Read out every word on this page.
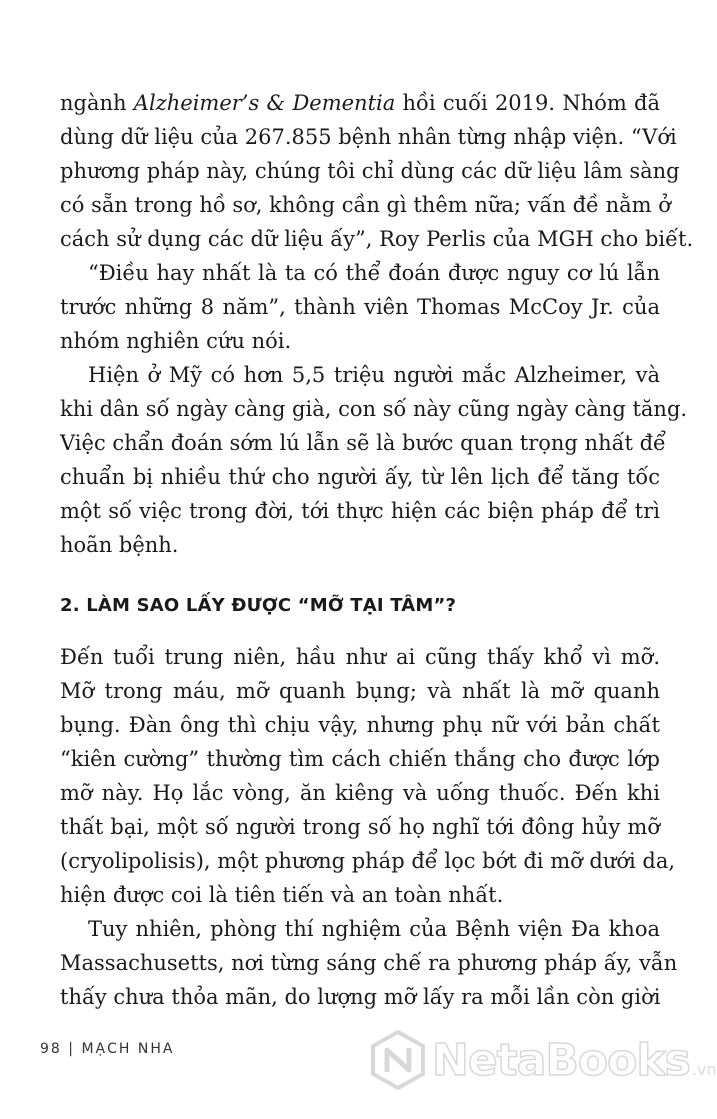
ngành Alzheimer’s & Dementia hồi cuối 2019. Nhóm đã
dùng dữ liệu của 267.855 bệnh nhân từng nhập viện. “Với
phương pháp này, chúng tôi chỉ dùng các dữ liệu lâm sàng
có sẵn trong hồ sơ, không cần gì thêm nữa; vấn đề nằm ở
cách sử dụng các dữ liệu ấy”, Roy Perlis của MGH cho biết.

“Điều hay nhất là ta có thể đoán được nguy cơ lú lẫn
trước những 8 năm”, thành viên Thomas McCoy Jr. của
nhóm nghiên cứu nói.

Hiện ở Mỹ có hơn 5,5 triệu người mắc Alzheimer, và
khi dân số ngày càng già, con số này cũng ngày càng tăng.
Việc chẩn đoán sớm lú lẫn sẽ là bước quan trọng nhất để
chuẩn bị nhiều thứ cho người ấy, từ lên lịch để tăng tốc
một số việc trong đời, tới thực hiện các biện pháp để trì
hoãn bệnh.

2. LÀM SAO LẤY ĐƯỢC “MỠ TẠI TÂM”?

Đến tuổi trung niên, hầu như ai cũng thấy khổ vì mỡ.
Mỡ trong máu, mỡ quanh bụng; và nhất là mỡ quanh
bụng. Đàn ông thì chịu vậy, nhưng phụ nữ với bản chất
“kiên cường” thường tìm cách chiến thắng cho được lớp
mỡ này. Họ lắc vòng, ăn kiêng và uống thuốc. Đến khi
thất bại, một số người trong số họ nghĩ tới đông hủy mỡ
(cryolipolisis), một phương pháp để lọc bớt đi mỡ dưới da,
hiện được coi là tiên tiến và an toàn nhất.

Tuy nhiên, phòng thí nghiệm của Bệnh viện Đa khoa
Massachusetts, nơi từng sáng chế ra phương pháp ấy, vẫn
thấy chưa thỏa mãn, do lượng mỡ lấy ra mỗi lần còn giời

98 | MẠCH NHA	NetaBooks .vn
